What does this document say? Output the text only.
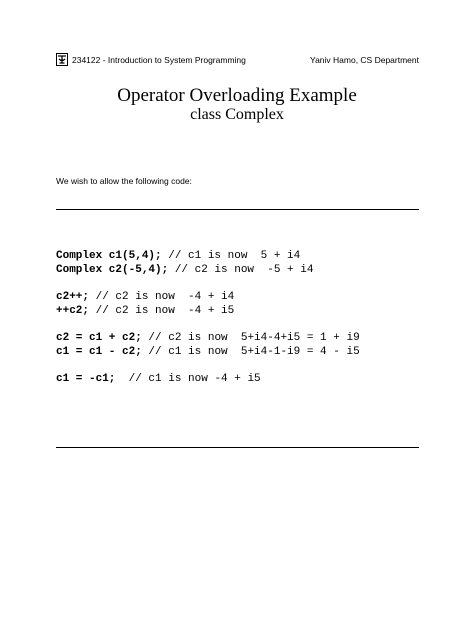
234122 - Introduction to System Programming	Yaniv Hamo, CS Department
Operator Overloading Example
class Complex
We wish to allow the following code:
Complex c1(5,4); // c1 is now  5 + i4
Complex c2(-5,4); // c2 is now  -5 + i4
c2++; // c2 is now  -4 + i4
++c2; // c2 is now  -4 + i5
c2 = c1 + c2; // c2 is now  5+i4-4+i5 = 1 + i9
c1 = c1 - c2; // c1 is now  5+i4-1-i9 = 4 - i5
c1 = -c1;  // c1 is now -4 + i5
